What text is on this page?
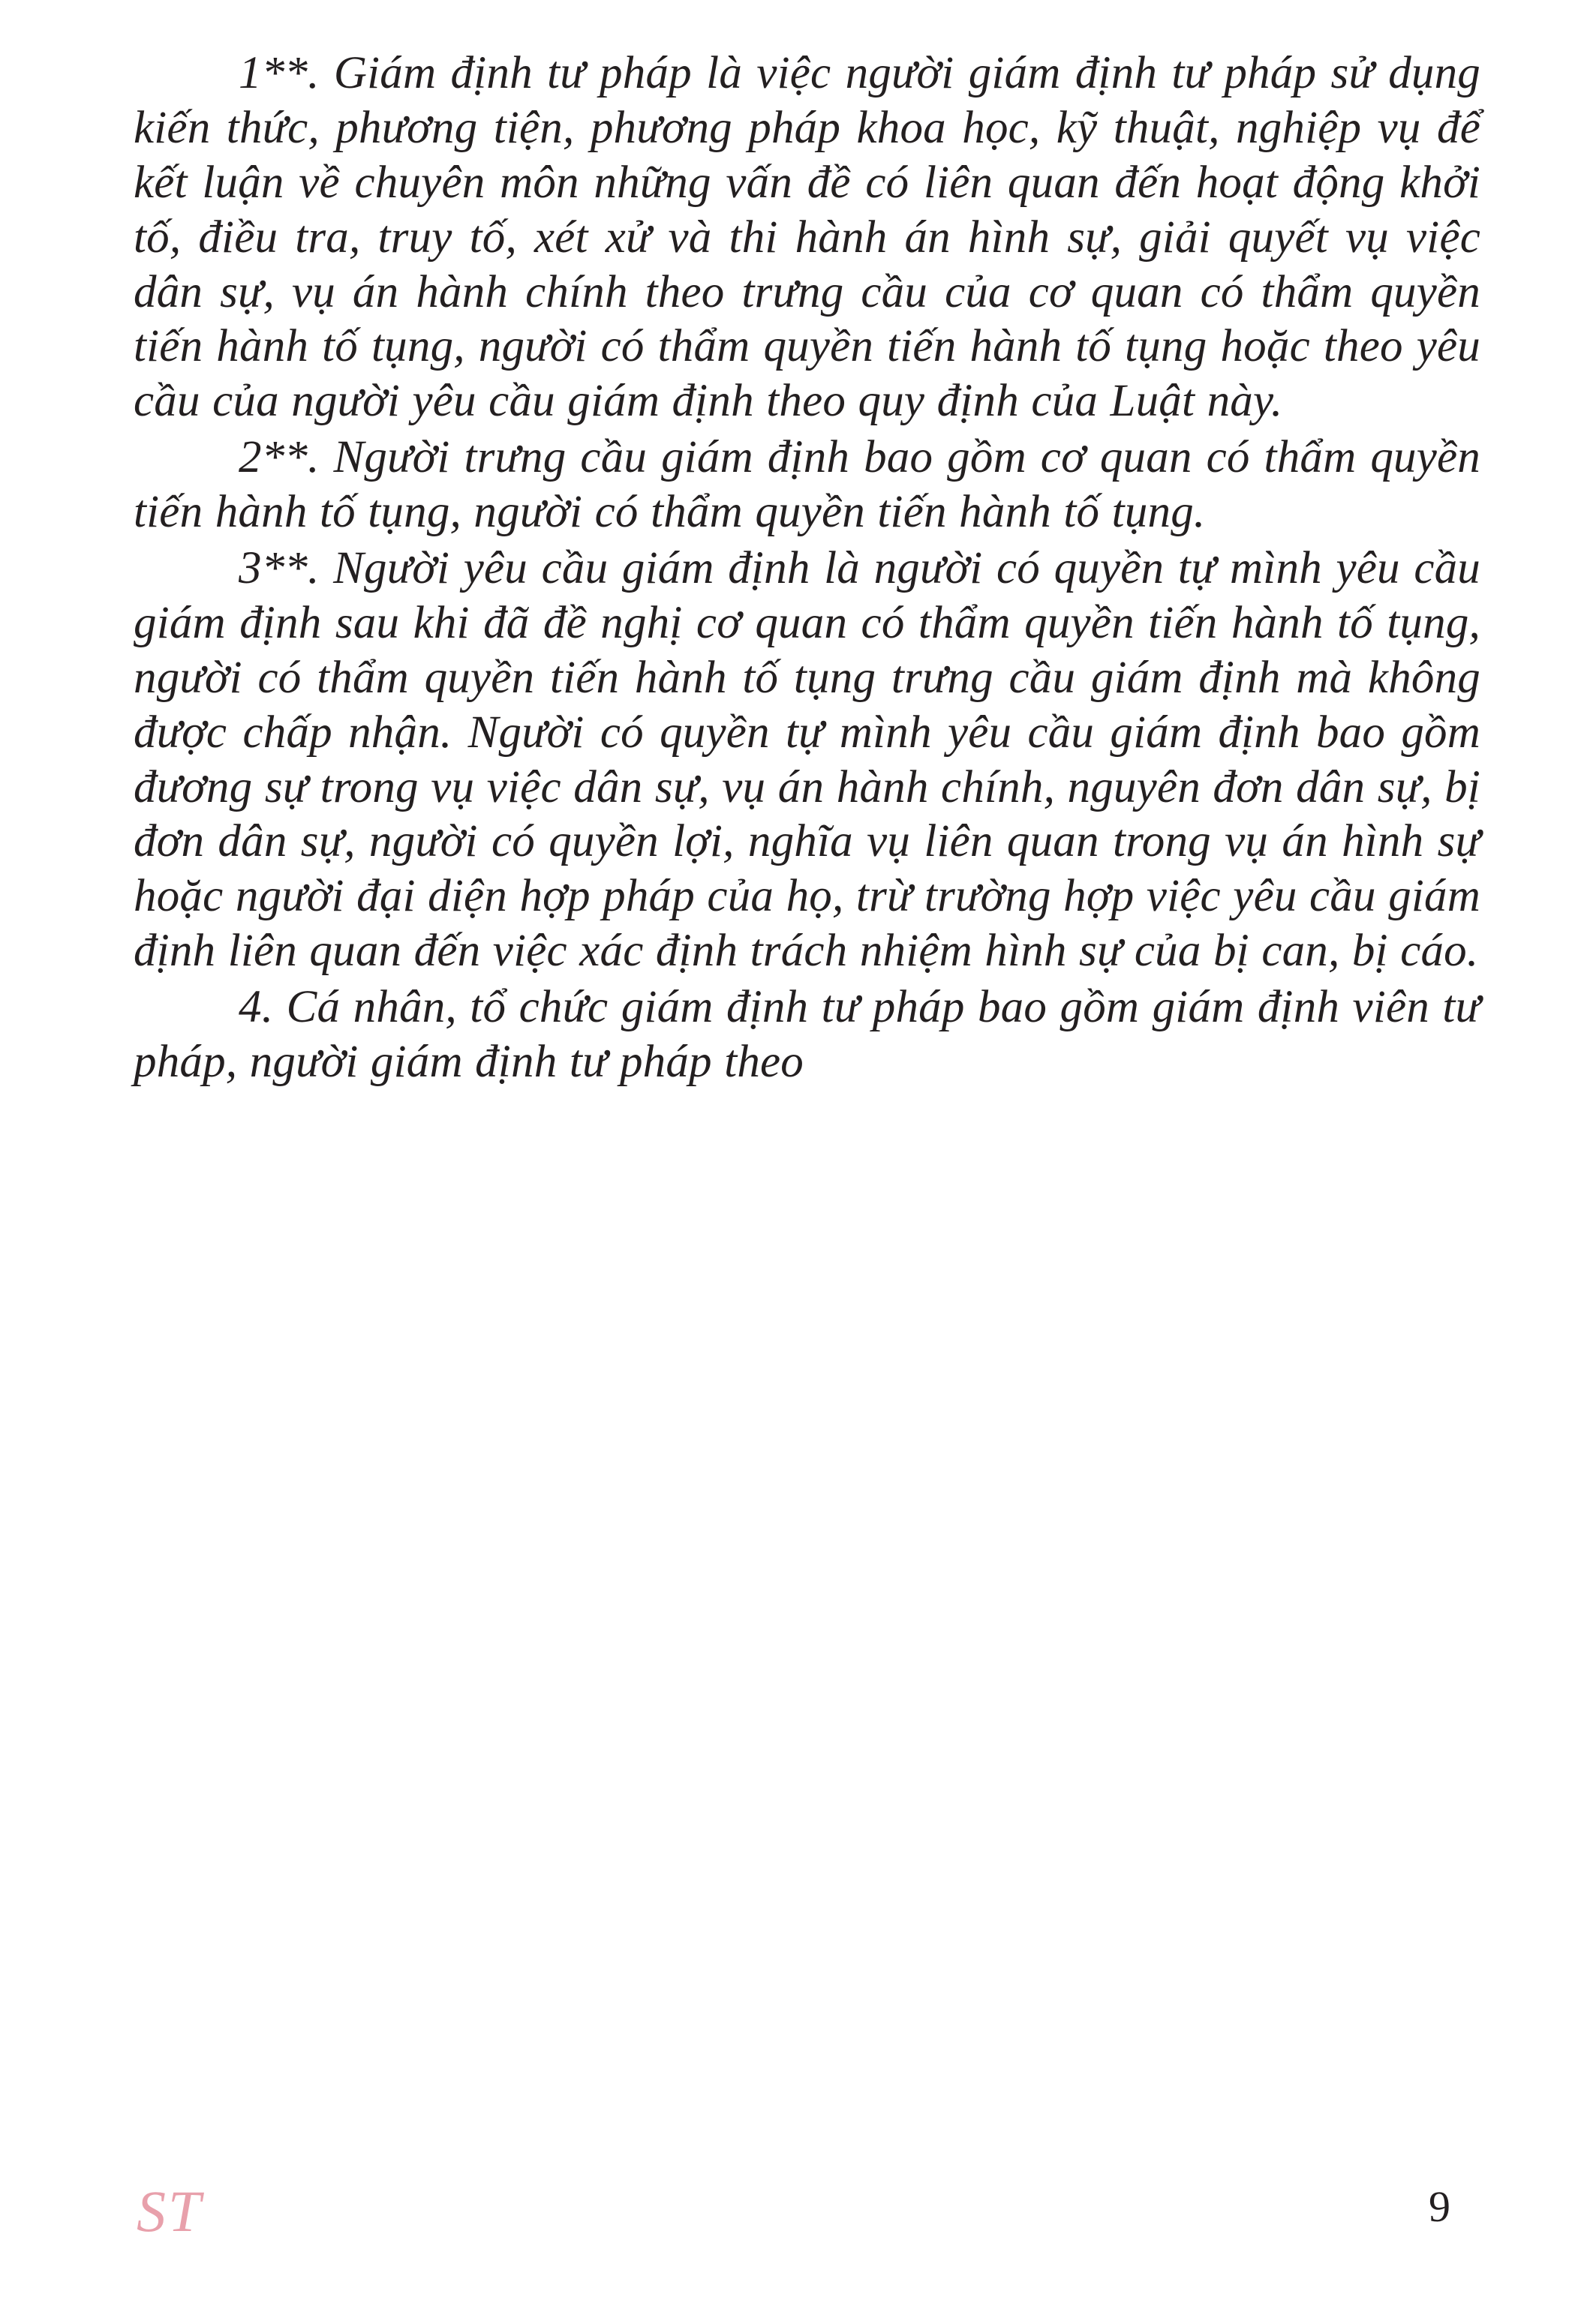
1**. Giám định tư pháp là việc người giám định tư pháp sử dụng kiến thức, phương tiện, phương pháp khoa học, kỹ thuật, nghiệp vụ để kết luận về chuyên môn những vấn đề có liên quan đến hoạt động khởi tố, điều tra, truy tố, xét xử và thi hành án hình sự, giải quyết vụ việc dân sự, vụ án hành chính theo trưng cầu của cơ quan có thẩm quyền tiến hành tố tụng, người có thẩm quyền tiến hành tố tụng hoặc theo yêu cầu của người yêu cầu giám định theo quy định của Luật này.

2**. Người trưng cầu giám định bao gồm cơ quan có thẩm quyền tiến hành tố tụng, người có thẩm quyền tiến hành tố tụng.

3**. Người yêu cầu giám định là người có quyền tự mình yêu cầu giám định sau khi đã đề nghị cơ quan có thẩm quyền tiến hành tố tụng, người có thẩm quyền tiến hành tố tụng trưng cầu giám định mà không được chấp nhận. Người có quyền tự mình yêu cầu giám định bao gồm đương sự trong vụ việc dân sự, vụ án hành chính, nguyên đơn dân sự, bị đơn dân sự, người có quyền lợi, nghĩa vụ liên quan trong vụ án hình sự hoặc người đại diện hợp pháp của họ, trừ trường hợp việc yêu cầu giám định liên quan đến việc xác định trách nhiệm hình sự của bị can, bị cáo.

4. Cá nhân, tổ chức giám định tư pháp bao gồm giám định viên tư pháp, người giám định tư pháp theo

S T	9
